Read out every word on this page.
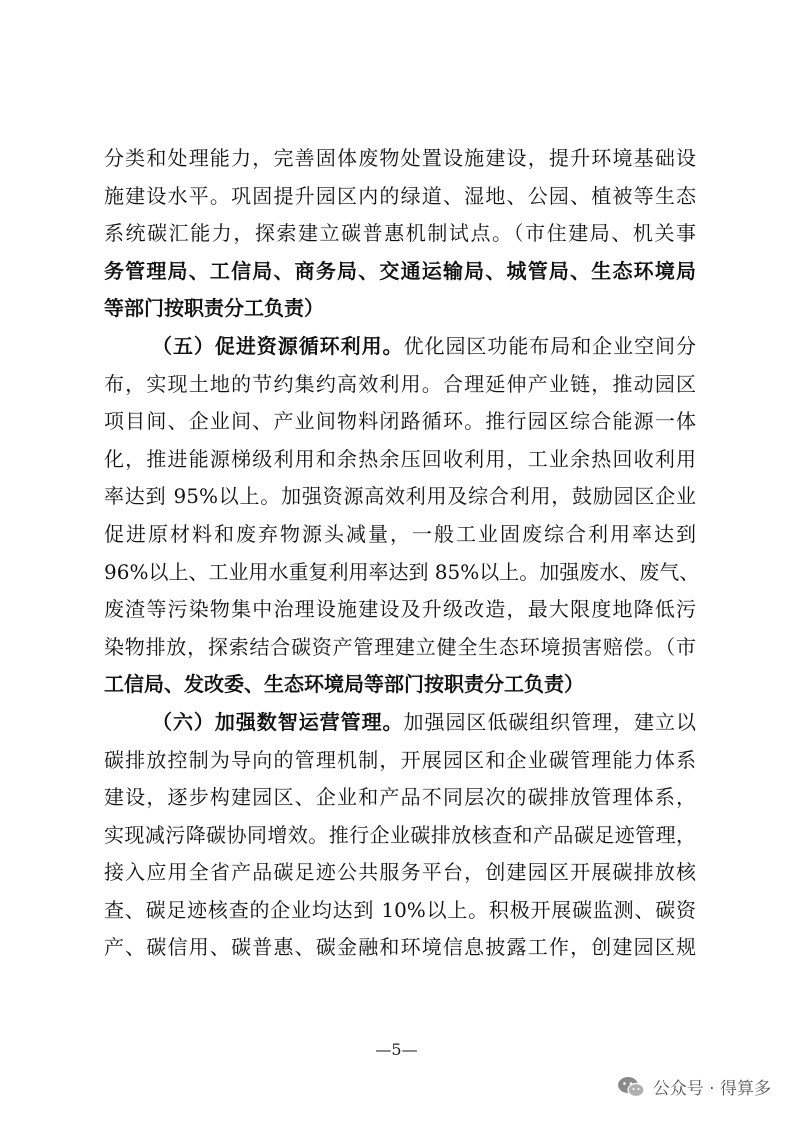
分类和处理能力，完善固体废物处置设施建设，提升环境基础设
施建设水平。巩固提升园区内的绿道、湿地、公园、植被等生态
系统碳汇能力，探索建立碳普惠机制试点。（市住建局、机关事
务管理局、工信局、商务局、交通运输局、城管局、生态环境局
等部门按职责分工负责）
（五）促进资源循环利用。优化园区功能布局和企业空间分
布，实现土地的节约集约高效利用。合理延伸产业链，推动园区
项目间、企业间、产业间物料闭路循环。推行园区综合能源一体
化，推进能源梯级利用和余热余压回收利用，工业余热回收利用
率达到 95%以上。加强资源高效利用及综合利用，鼓励园区企业
促进原材料和废弃物源头减量，一般工业固废综合利用率达到
96%以上、工业用水重复利用率达到 85%以上。加强废水、废气、
废渣等污染物集中治理设施建设及升级改造，最大限度地降低污
染物排放，探索结合碳资产管理建立健全生态环境损害赔偿。（市
工信局、发改委、生态环境局等部门按职责分工负责）
（六）加强数智运营管理。加强园区低碳组织管理，建立以
碳排放控制为导向的管理机制，开展园区和企业碳管理能力体系
建设，逐步构建园区、企业和产品不同层次的碳排放管理体系，
实现减污降碳协同增效。推行企业碳排放核查和产品碳足迹管理，
接入应用全省产品碳足迹公共服务平台，创建园区开展碳排放核
查、碳足迹核查的企业均达到 10%以上。积极开展碳监测、碳资
产、碳信用、碳普惠、碳金融和环境信息披露工作，创建园区规
—5—
公众号 · 得算多
